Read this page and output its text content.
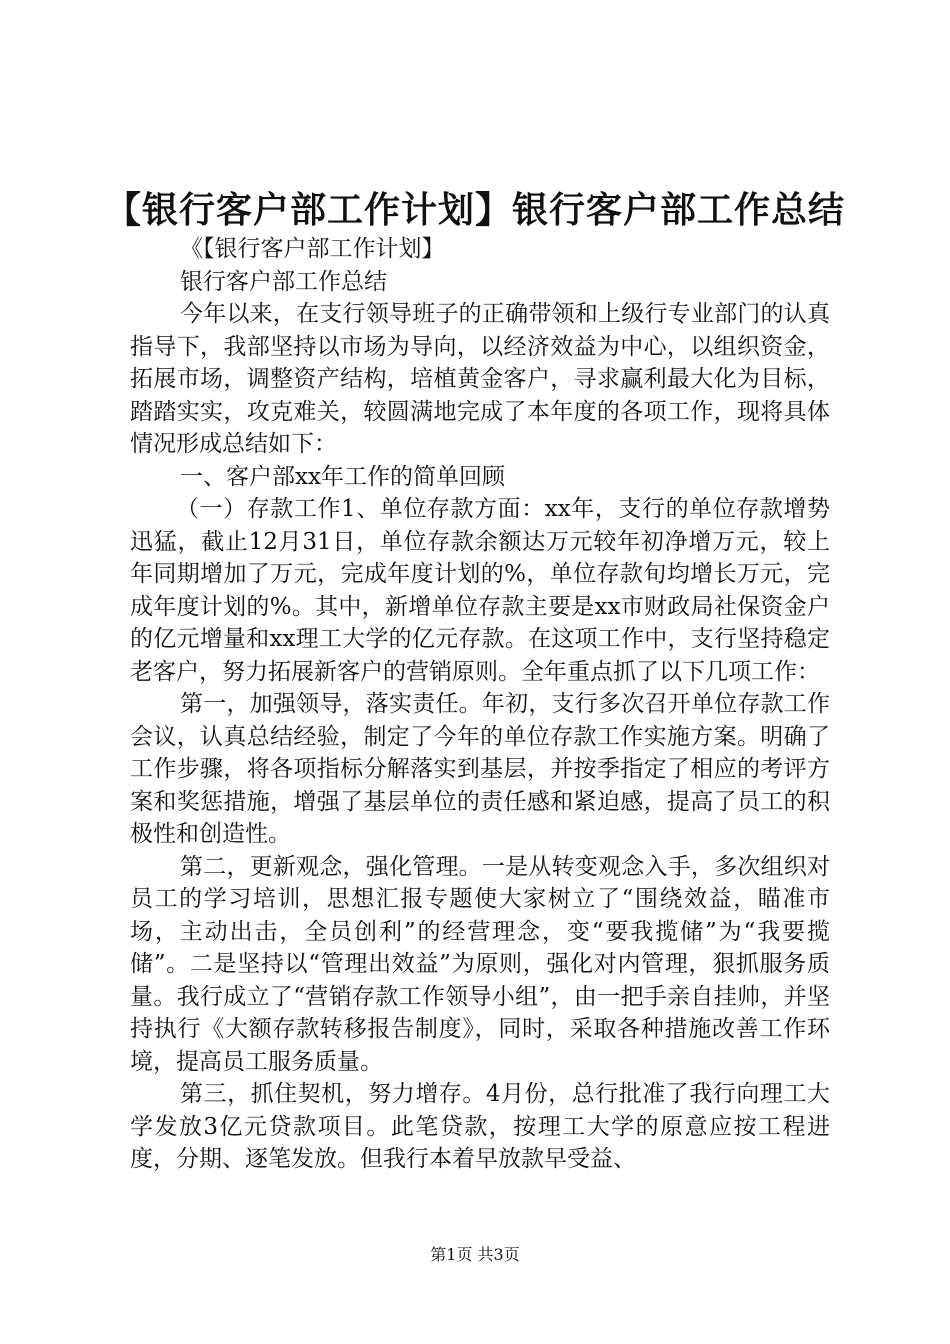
【银行客户部工作计划】银行客户部工作总结

《【银行客户部工作计划】

银行客户部工作总结

今年以来，在支行领导班子的正确带领和上级行专业部门的认真指导下，我部坚持以市场为导向，以经济效益为中心，以组织资金，拓展市场，调整资产结构，培植黄金客户，寻求赢利最大化为目标，踏踏实实，攻克难关，较圆满地完成了本年度的各项工作，现将具体情况形成总结如下：

一、客户部xx年工作的简单回顾

（一）存款工作1、单位存款方面：xx年，支行的单位存款增势迅猛，截止12月31日，单位存款余额达万元较年初净增万元，较上年同期增加了万元，完成年度计划的%，单位存款旬均增长万元，完成年度计划的%。其中，新增单位存款主要是xx市财政局社保资金户的亿元增量和xx理工大学的亿元存款。在这项工作中，支行坚持稳定老客户，努力拓展新客户的营销原则。全年重点抓了以下几项工作：

第一，加强领导，落实责任。年初，支行多次召开单位存款工作会议，认真总结经验，制定了今年的单位存款工作实施方案。明确了工作步骤，将各项指标分解落实到基层，并按季指定了相应的考评方案和奖惩措施，增强了基层单位的责任感和紧迫感，提高了员工的积极性和创造性。

第二，更新观念，强化管理。一是从转变观念入手，多次组织对员工的学习培训，思想汇报专题使大家树立了“围绕效益，瞄准市场，主动出击，全员创利”的经营理念，变“要我揽储”为“我要揽储”。二是坚持以“管理出效益”为原则，强化对内管理，狠抓服务质量。我行成立了“营销存款工作领导小组”，由一把手亲自挂帅，并坚持执行《大额存款转移报告制度》，同时，采取各种措施改善工作环境，提高员工服务质量。

第三，抓住契机，努力增存。4月份，总行批准了我行向理工大学发放3亿元贷款项目。此笔贷款，按理工大学的原意应按工程进度，分期、逐笔发放。但我行本着早放款早受益、

第1页 共3页
